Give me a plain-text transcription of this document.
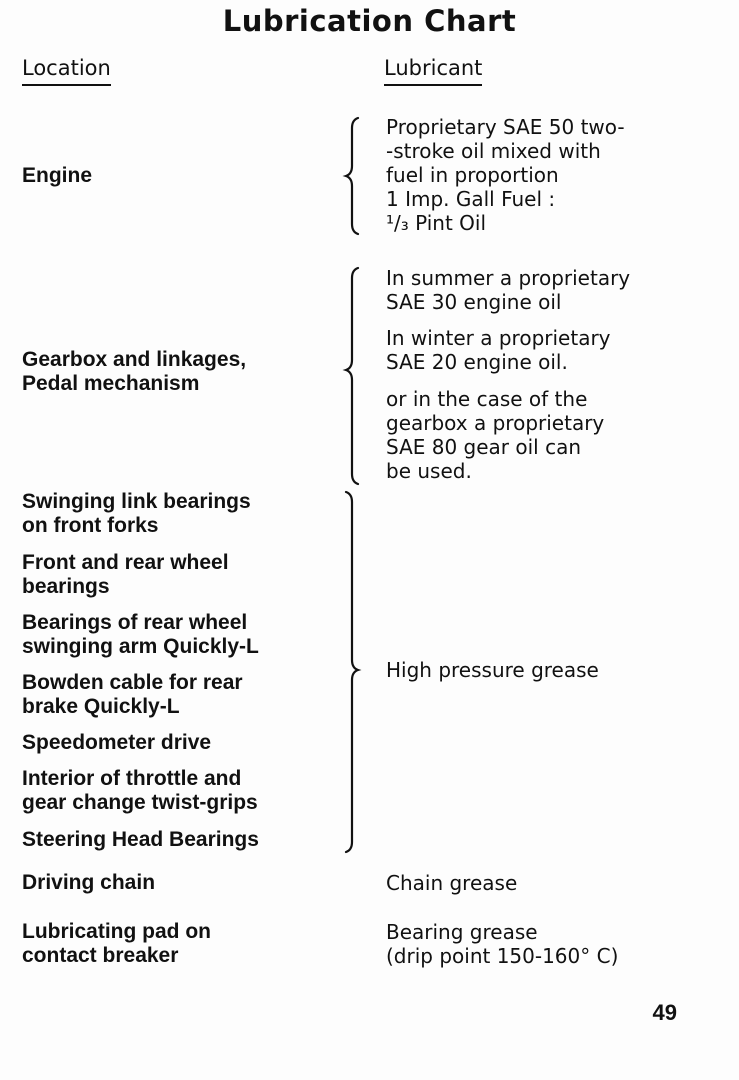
Lubrication Chart
Location	Lubricant
Engine
Proprietary SAE 50 two-
-stroke oil mixed with
fuel in proportion
1 Imp. Gall Fuel :
¹/₃ Pint Oil
Gearbox and linkages,
Pedal mechanism
In summer a proprietary
SAE 30 engine oil
In winter a proprietary
SAE 20 engine oil.
or in the case of the
gearbox a proprietary
SAE 80 gear oil can
be used.
Swinging link bearings
on front forks
Front and rear wheel
bearings
Bearings of rear wheel
swinging arm Quickly-L
Bowden cable for rear
brake Quickly-L
Speedometer drive
Interior of throttle and
gear change twist-grips
Steering Head Bearings
High pressure grease
Driving chain	Chain grease
Lubricating pad on
contact breaker
Bearing grease
(drip point 150-160° C)
49
